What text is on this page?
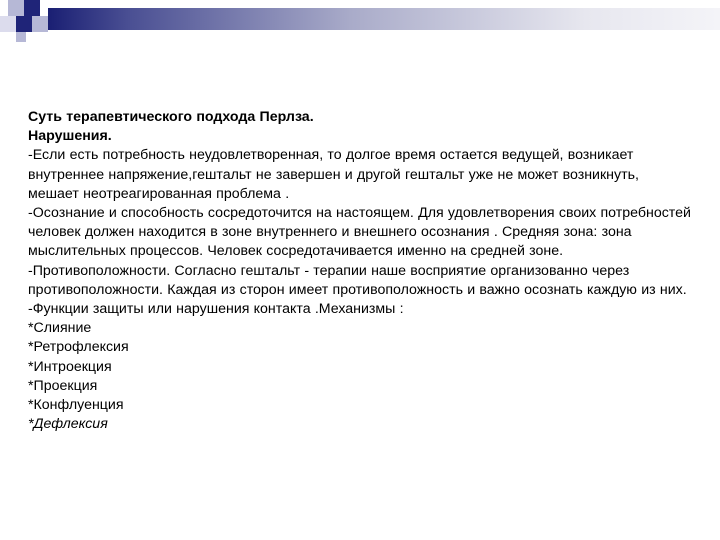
Суть терапевтического подхода Перлза.

Нарушения.

-Если есть потребность неудовлетворенная, то долгое время остается ведущей, возникает внутреннее напряжение,гештальт не завершен и другой гештальт уже не может возникнуть, мешает неотреагированная проблема .

-Осознание и способность сосредоточится на настоящем. Для удовлетворения своих потребностей человек должен находится в зоне внутреннего и внешнего осознания . Средняя зона: зона мыслительных процессов. Человек сосредотачивается именно на средней зоне.

-Противоположности. Согласно гештальт - терапии наше восприятие организованно через противоположности. Каждая из сторон имеет противоположность и важно осознать каждую из них.

-Функции защиты или нарушения контакта .Механизмы :

*Слияние

*Ретрофлексия

*Интроекция

*Проекция

*Конфлуенция

*Дефлексия
